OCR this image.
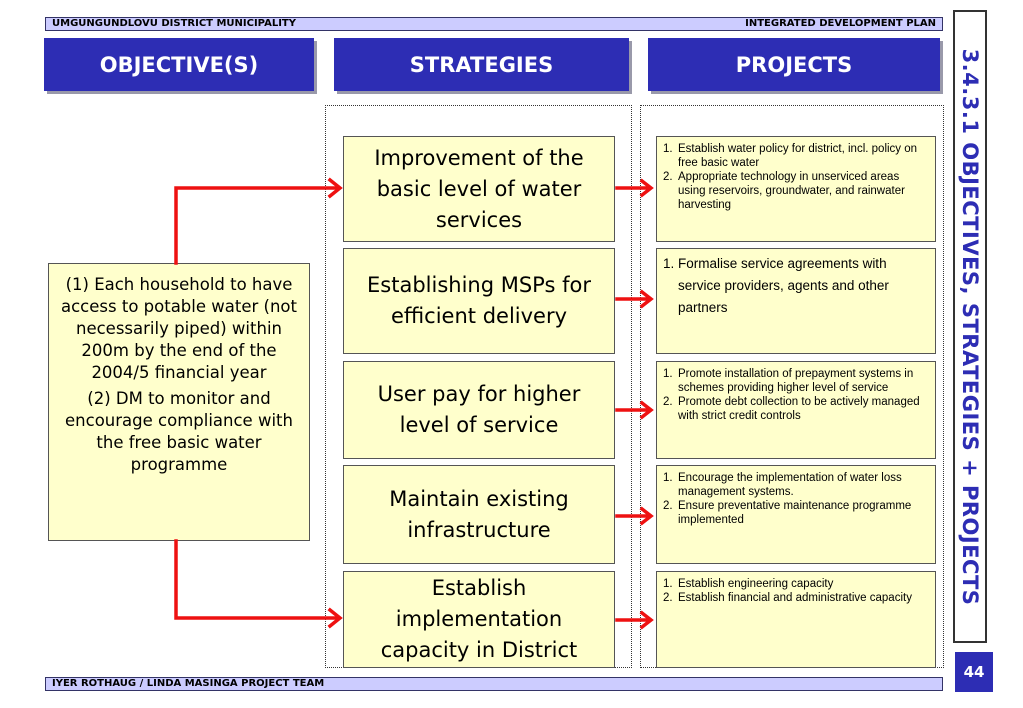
UMGUNGUNDLOVU DISTRICT MUNICIPALITY	INTEGRATED DEVELOPMENT PLAN
IYER ROTHAUG / LINDA MASINGA PROJECT TEAM
OBJECTIVE(S)	STRATEGIES	PROJECTS

(1) Each household to have access to potable water (not necessarily piped) within 200m by the end of the 2004/5 financial year

(2) DM to monitor and encourage compliance with the free basic water programme

Improvement of the basic level of water services
Establishing MSPs for efficient delivery
User pay for higher level of service
Maintain existing infrastructure
Establish implementation capacity in District
1. Establish water policy for district, incl. policy on free basic water
2. Appropriate technology in unserviced areas using reservoirs, groundwater, and rainwater harvesting
1. Formalise service agreements with service providers, agents and other partners
1. Promote installation of prepayment systems in schemes providing higher level of service
2. Promote debt collection to be actively managed with strict credit controls
1. Encourage the implementation of water loss management systems.
2. Ensure preventative maintenance programme implemented
1. Establish engineering capacity
2. Establish financial and administrative capacity	3.4.3.1 OBJECTIVES, STRATEGIES + PROJECTS
44
